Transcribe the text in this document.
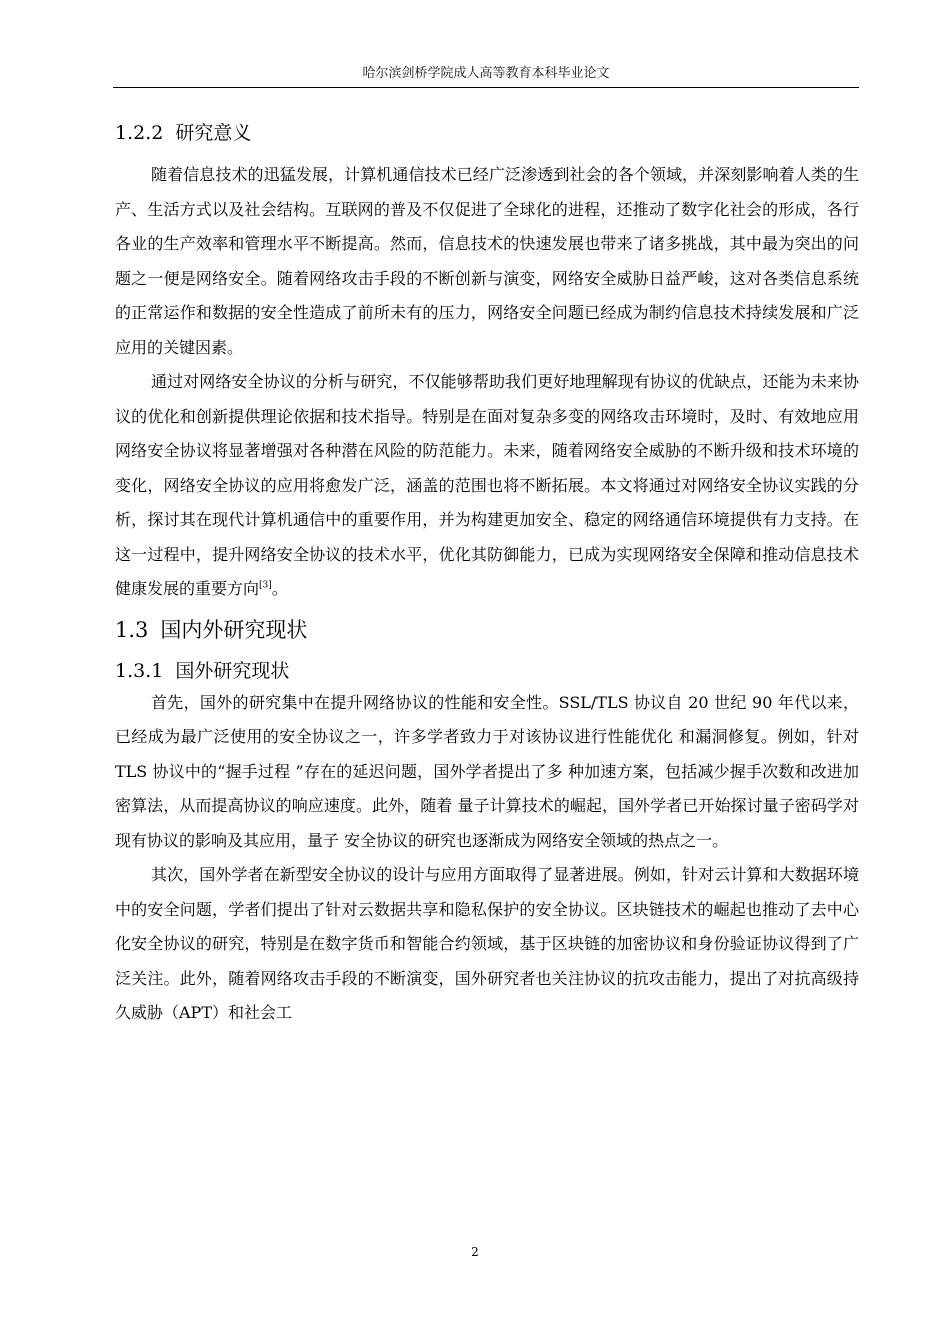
哈尔滨剑桥学院成人高等教育本科毕业论文
1.2.2 研究意义

随着信息技术的迅猛发展，计算机通信技术已经广泛渗透到社会的各个领域，并深刻影响着人类的生产、生活方式以及社会结构。互联网的普及不仅促进了全球化的进程，还推动了数字化社会的形成，各行各业的生产效率和管理水平不断提高。然而，信息技术的快速发展也带来了诸多挑战，其中最为突出的问题之一便是网络安全。随着网络攻击手段的不断创新与演变，网络安全威胁日益严峻，这对各类信息系统的正常运作和数据的安全性造成了前所未有的压力，网络安全问题已经成为制约信息技术持续发展和广泛应用的关键因素。

通过对网络安全协议的分析与研究，不仅能够帮助我们更好地理解现有协议的优缺点，还能为未来协议的优化和创新提供理论依据和技术指导。特别是在面对复杂多变的网络攻击环境时，及时、有效地应用网络安全协议将显著增强对各种潜在风险的防范能力。未来，随着网络安全威胁的不断升级和技术环境的变化，网络安全协议的应用将愈发广泛，涵盖的范围也将不断拓展。本文将通过对网络安全协议实践的分析，探讨其在现代计算机通信中的重要作用，并为构建更加安全、稳定的网络通信环境提供有力支持。在这一过程中，提升网络安全协议的技术水平，优化其防御能力，已成为实现网络安全保障和推动信息技术健康发展的重要方向[3]。

1.3 国内外研究现状
1.3.1 国外研究现状

首先，国外的研究集中在提升网络协议的性能和安全性。SSL/TLS 协议自 20 世纪 90 年代以来，已经成为最广泛使用的安全协议之一，许多学者致力于对该协议进行性能优化 和漏洞修复。例如，针对 TLS 协议中的“握手过程 ”存在的延迟问题，国外学者提出了多 种加速方案，包括减少握手次数和改进加密算法，从而提高协议的响应速度。此外，随着 量子计算技术的崛起，国外学者已开始探讨量子密码学对现有协议的影响及其应用，量子 安全协议的研究也逐渐成为网络安全领域的热点之一。

其次，国外学者在新型安全协议的设计与应用方面取得了显著进展。例如，针对云计算和大数据环境中的安全问题，学者们提出了针对云数据共享和隐私保护的安全协议。区块链技术的崛起也推动了去中心化安全协议的研究，特别是在数字货币和智能合约领域，基于区块链的加密协议和身份验证协议得到了广泛关注。此外，随着网络攻击手段的不断演变，国外研究者也关注协议的抗攻击能力，提出了对抗高级持久威胁（APT）和社会工

2
